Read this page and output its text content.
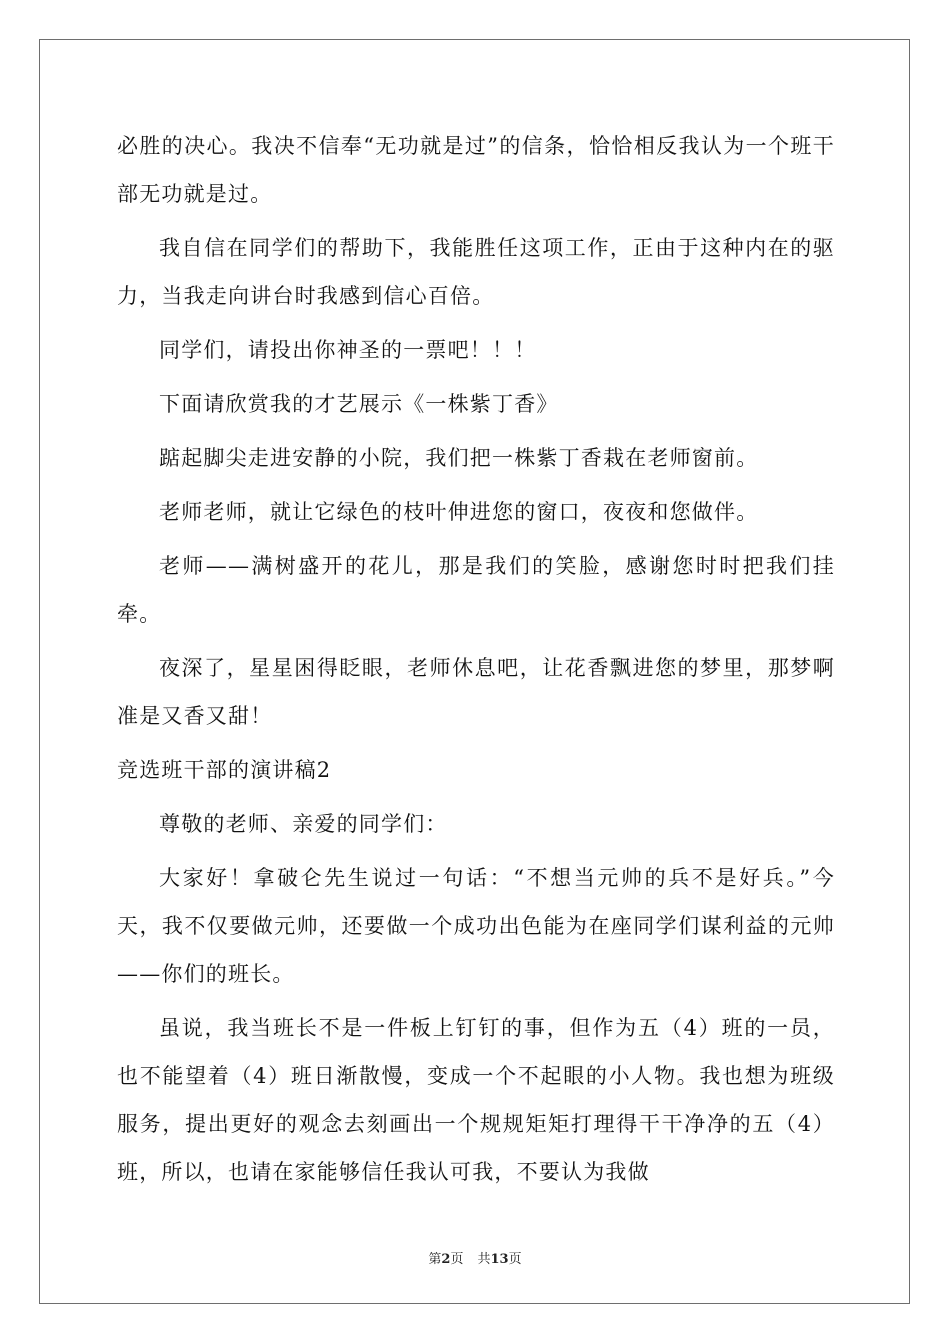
必胜的决心。我决不信奉“无功就是过”的信条，恰恰相反我认为一个班干部无功就是过。

我自信在同学们的帮助下，我能胜任这项工作，正由于这种内在的驱力，当我走向讲台时我感到信心百倍。

同学们，请投出你神圣的一票吧！！！

下面请欣赏我的才艺展示《一株紫丁香》

踮起脚尖走进安静的小院，我们把一株紫丁香栽在老师窗前。

老师老师，就让它绿色的枝叶伸进您的窗口，夜夜和您做伴。

老师——满树盛开的花儿，那是我们的笑脸，感谢您时时把我们挂牵。

夜深了，星星困得眨眼，老师休息吧，让花香飘进您的梦里，那梦啊准是又香又甜！

竞选班干部的演讲稿2

尊敬的老师、亲爱的同学们：

大家好！拿破仑先生说过一句话：“不想当元帅的兵不是好兵。”今天，我不仅要做元帅，还要做一个成功出色能为在座同学们谋利益的元帅——你们的班长。

虽说，我当班长不是一件板上钉钉的事，但作为五（4）班的一员，也不能望着（4）班日渐散慢，变成一个不起眼的小人物。我也想为班级服务，提出更好的观念去刻画出一个规规矩矩打理得干干净净的五（4）班，所以，也请在家能够信任我认可我，不要认为我做

第2页 共13页
